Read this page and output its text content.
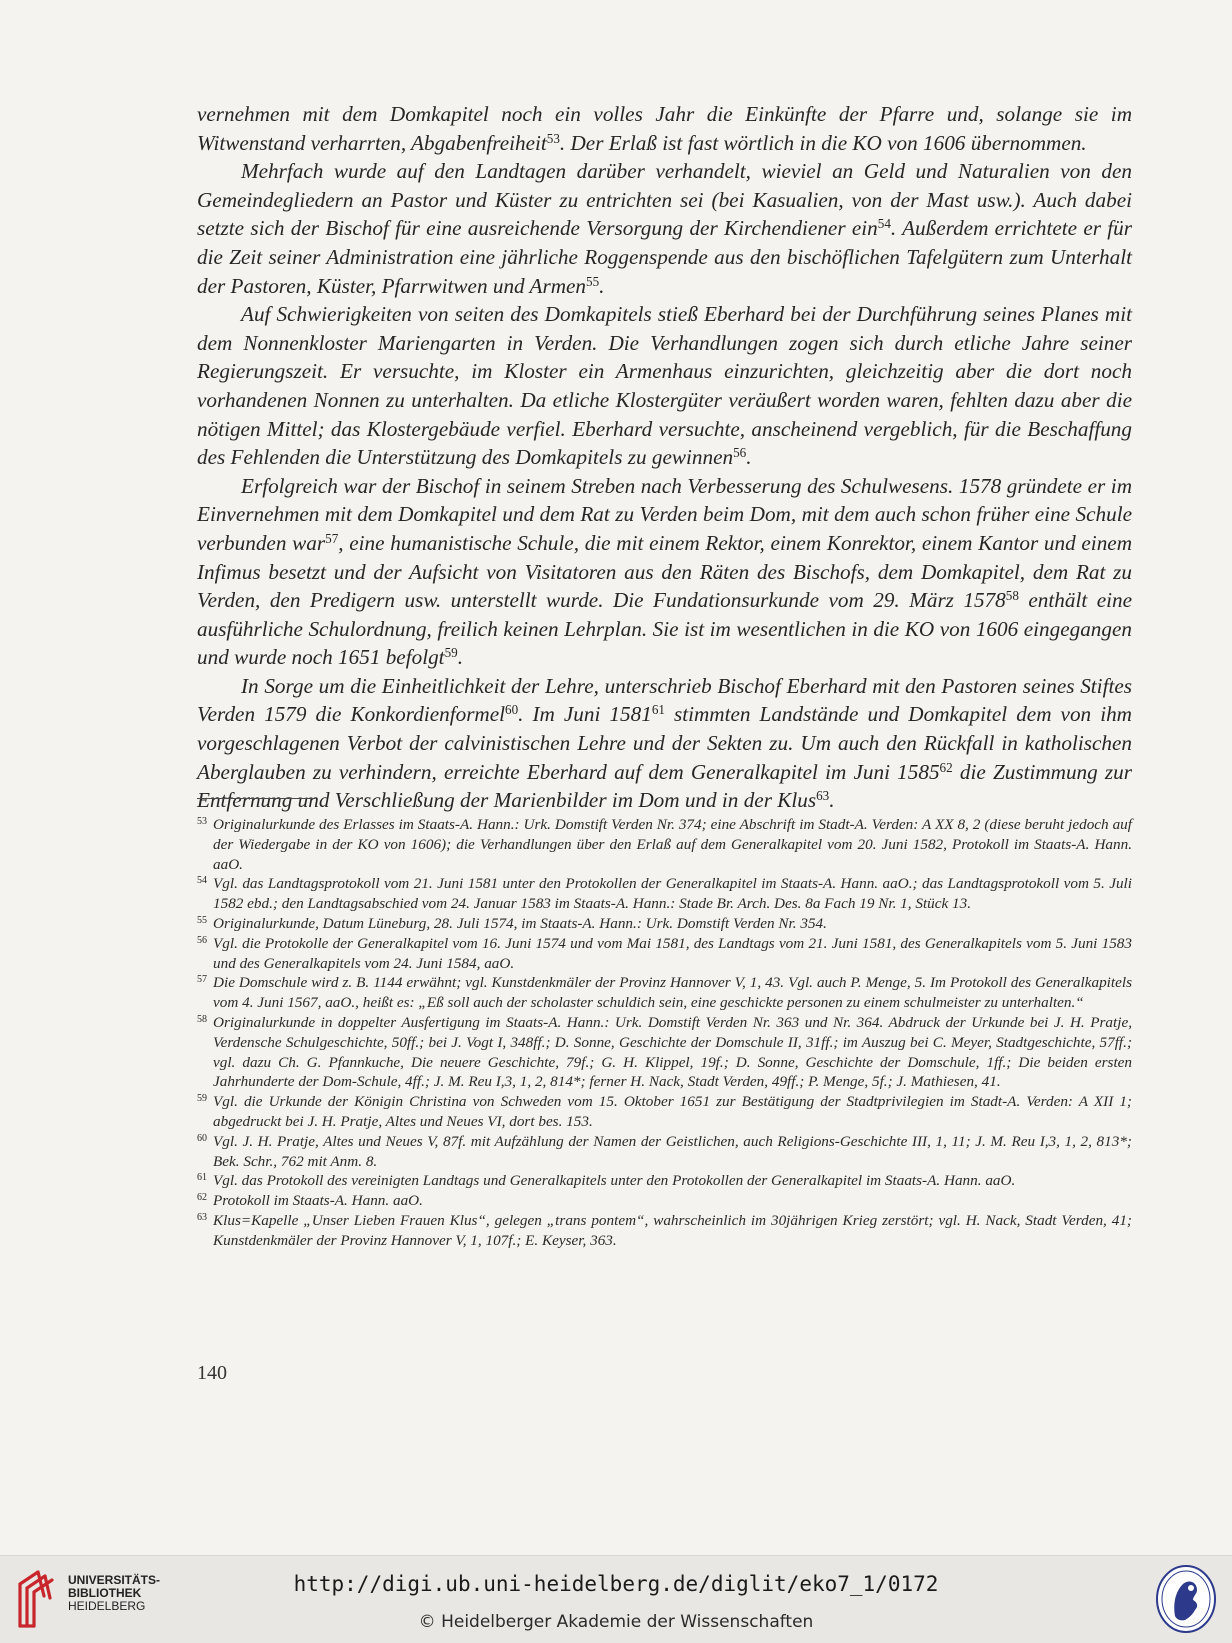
vernehmen mit dem Domkapitel noch ein volles Jahr die Einkünfte der Pfarre und, solange sie im Witwenstand verharrten, Abgabenfreiheit$^{53}$. Der Erlaß ist fast wörtlich in die KO von 1606 übernommen.

Mehrfach wurde auf den Landtagen darüber verhandelt, wieviel an Geld und Naturalien von den Gemeindegliedern an Pastor und Küster zu entrichten sei (bei Kasualien, von der Mast usw.). Auch dabei setzte sich der Bischof für eine ausreichende Versorgung der Kirchendiener ein$^{54}$. Außerdem errichtete er für die Zeit seiner Administration eine jährliche Roggenspende aus den bischöflichen Tafelgütern zum Unterhalt der Pastoren, Küster, Pfarrwitwen und Armen$^{55}$.

Auf Schwierigkeiten von seiten des Domkapitels stieß Eberhard bei der Durchführung seines Planes mit dem Nonnenkloster Mariengarten in Verden. Die Verhandlungen zogen sich durch etliche Jahre seiner Regierungszeit. Er versuchte, im Kloster ein Armenhaus einzurichten, gleichzeitig aber die dort noch vorhandenen Nonnen zu unterhalten. Da etliche Klostergüter veräußert worden waren, fehlten dazu aber die nötigen Mittel; das Klostergebäude verfiel. Eberhard versuchte, anscheinend vergeblich, für die Beschaffung des Fehlenden die Unterstützung des Domkapitels zu gewinnen$^{56}$.

Erfolgreich war der Bischof in seinem Streben nach Verbesserung des Schulwesens. 1578 gründete er im Einvernehmen mit dem Domkapitel und dem Rat zu Verden beim Dom, mit dem auch schon früher eine Schule verbunden war$^{57}$, eine humanistische Schule, die mit einem Rektor, einem Konrektor, einem Kantor und einem Infimus besetzt und der Aufsicht von Visitatoren aus den Räten des Bischofs, dem Domkapitel, dem Rat zu Verden, den Predigern usw. unterstellt wurde. Die Fundationsurkunde vom 29. März 1578$^{58}$ enthält eine ausführliche Schulordnung, freilich keinen Lehrplan. Sie ist im wesentlichen in die KO von 1606 eingegangen und wurde noch 1651 befolgt$^{59}$.

In Sorge um die Einheitlichkeit der Lehre, unterschrieb Bischof Eberhard mit den Pastoren seines Stiftes Verden 1579 die Konkordienformel$^{60}$. Im Juni 1581$^{61}$ stimmten Landstände und Domkapitel dem von ihm vorgeschlagenen Verbot der calvinistischen Lehre und der Sekten zu. Um auch den Rückfall in katholischen Aberglauben zu verhindern, erreichte Eberhard auf dem Generalkapitel im Juni 1585$^{62}$ die Zustimmung zur Entfernung und Verschließung der Marienbilder im Dom und in der Klus$^{63}$.

53 Originalurkunde des Erlasses im Staats-A. Hann.: Urk. Domstift Verden Nr. 374; eine Abschrift im Stadt-A. Verden: A XX 8, 2 (diese beruht jedoch auf der Wiedergabe in der KO von 1606); die Verhandlungen über den Erlaß auf dem Generalkapitel vom 20. Juni 1582, Protokoll im Staats-A. Hann. aaO.
54 Vgl. das Landtagsprotokoll vom 21. Juni 1581 unter den Protokollen der Generalkapitel im Staats-A. Hann. aaO.; das Landtagsprotokoll vom 5. Juli 1582 ebd.; den Landtagsabschied vom 24. Januar 1583 im Staats-A. Hann.: Stade Br. Arch. Des. 8a Fach 19 Nr. 1, Stück 13.
55 Originalurkunde, Datum Lüneburg, 28. Juli 1574, im Staats-A. Hann.: Urk. Domstift Verden Nr. 354.
56 Vgl. die Protokolle der Generalkapitel vom 16. Juni 1574 und vom Mai 1581, des Landtags vom 21. Juni 1581, des Generalkapitels vom 5. Juni 1583 und des Generalkapitels vom 24. Juni 1584, aaO.
57 Die Domschule wird z. B. 1144 erwähnt; vgl. Kunstdenkmäler der Provinz Hannover V, 1, 43. Vgl. auch P. Menge, 5. Im Protokoll des Generalkapitels vom 4. Juni 1567, aaO., heißt es: „Eß soll auch der scholaster schuldich sein, eine geschickte personen zu einem schulmeister zu unterhalten.“
58 Originalurkunde in doppelter Ausfertigung im Staats-A. Hann.: Urk. Domstift Verden Nr. 363 und Nr. 364. Abdruck der Urkunde bei J. H. Pratje, Verdensche Schulgeschichte, 50ff.; bei J. Vogt I, 348ff.; D. Sonne, Geschichte der Domschule II, 31ff.; im Auszug bei C. Meyer, Stadtgeschichte, 57ff.; vgl. dazu Ch. G. Pfannkuche, Die neuere Geschichte, 79f.; G. H. Klippel, 19f.; D. Sonne, Geschichte der Domschule, 1ff.; Die beiden ersten Jahrhunderte der Dom-Schule, 4ff.; J. M. Reu I,3, 1, 2, 814*; ferner H. Nack, Stadt Verden, 49ff.; P. Menge, 5f.; J. Mathiesen, 41.
59 Vgl. die Urkunde der Königin Christina von Schweden vom 15. Oktober 1651 zur Bestätigung der Stadtprivilegien im Stadt-A. Verden: A XII 1; abgedruckt bei J. H. Pratje, Altes und Neues VI, dort bes. 153.
60 Vgl. J. H. Pratje, Altes und Neues V, 87f. mit Aufzählung der Namen der Geistlichen, auch Religions-Geschichte III, 1, 11; J. M. Reu I,3, 1, 2, 813*; Bek. Schr., 762 mit Anm. 8.
61 Vgl. das Protokoll des vereinigten Landtags und Generalkapitels unter den Protokollen der Generalkapitel im Staats-A. Hann. aaO.
62 Protokoll im Staats-A. Hann. aaO.
63 Klus=Kapelle „Unser Lieben Frauen Klus“, gelegen „trans pontem“, wahrscheinlich im 30jährigen Krieg zerstört; vgl. H. Nack, Stadt Verden, 41; Kunstdenkmäler der Provinz Hannover V, 1, 107f.; E. Keyser, 363.
140
UNIVERSITÄTS-
BIBLIOTHEK
HEIDELBERG
http://digi.ub.uni-heidelberg.de/diglit/eko7_1/0172
© Heidelberger Akademie der Wissenschaften
